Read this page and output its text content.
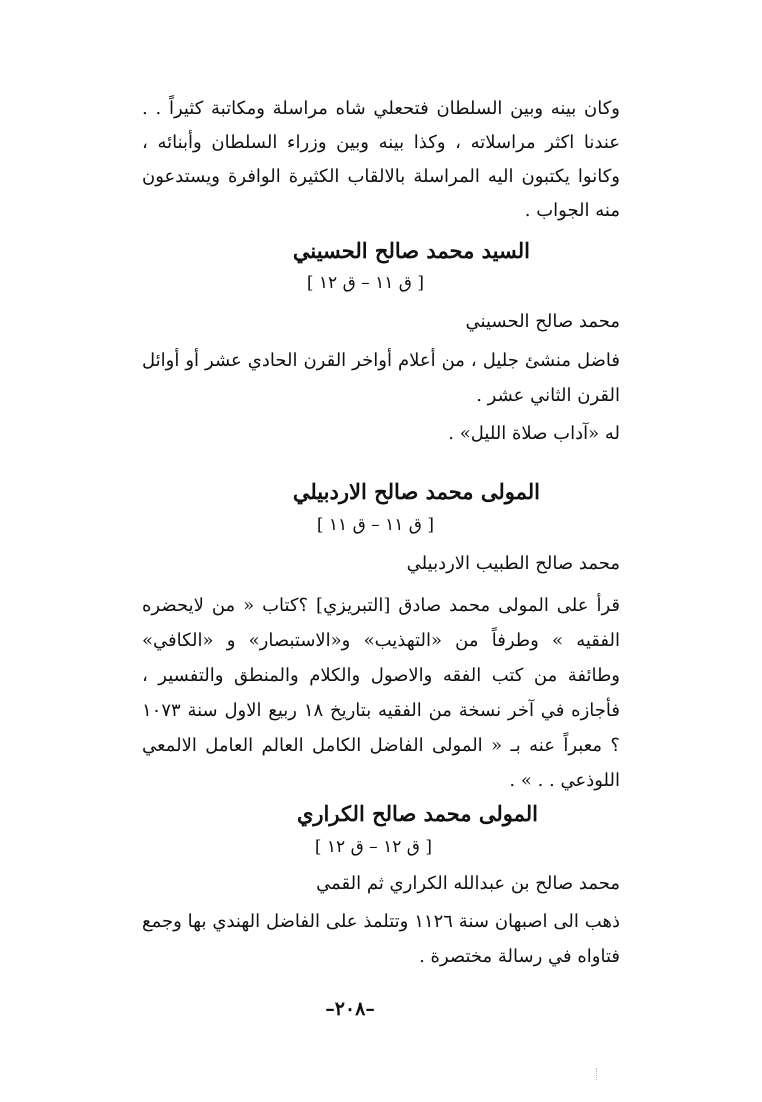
وكان بينه وبين السلطان فتحعلي شاه مراسلة ومكاتبة كثيراً . . عندنا اكثر مراسلاته ، وكذا بينه وبين وزراء السلطان وأبنائه ، وكانوا يكتبون اليه المراسلة بالالقاب الكثيرة الوافرة ويستدعون منه الجواب .

السيد محمد صالح الحسيني

[ ق ١١ – ق ١٢ ]

محمد صالح الحسيني

فاضل منشئ جليل ، من أعلام أواخر القرن الحادي عشر أو أوائل القرن الثاني عشر .

له «آداب صلاة الليل» .

المولى محمد صالح الاردبيلي

[ ق ١١ – ق ١١ ]

محمد صالح الطبيب الاردبيلي

قرأ على المولى محمد صادق [التبريزي] ؟كتاب « من لايحضره الفقيه » وطرفاً من «التهذيب» و«الاستبصار» و «الكافي» وطائفة من كتب الفقه والاصول والكلام والمنطق والتفسير ، فأجازه في آخر نسخة من الفقيه بتاريخ ١٨ ربيع الاول سنة ١٠٧٣ ؟ معبراً عنه بـ « المولى الفاضل الكامل العالم العامل الالمعي اللوذعي . . » .

المولى محمد صالح الكراري

[ ق ١٢ – ق ١٢ ]

محمد صالح بن عبدالله الكراري ثم القمي

ذهب الى اصبهان سنة ١١٢٦ وتتلمذ على الفاضل الهندي بها وجمع فتاواه في رسالة مختصرة .

–٢٠٨–
